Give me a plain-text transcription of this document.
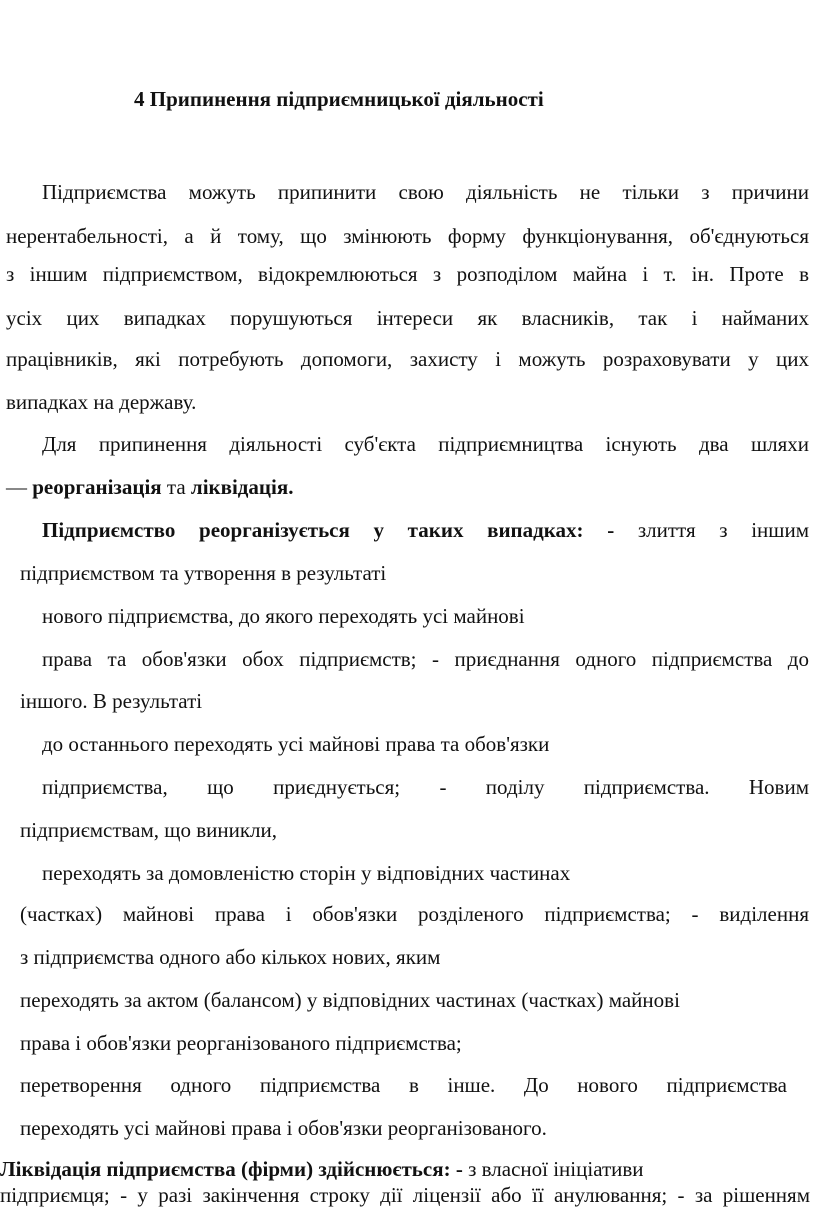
4 Припинення підприємницької діяльності
Підприємства можуть припинити свою діяльність не тільки з причини
нерентабельності, а й тому, що змінюють форму функціонування, об'єднуються
з іншим підприємством, відокремлюються з розподілом майна і т. ін. Проте в
усіх цих випадках порушуються інтереси як власників, так і найманих
працівників, які потребують допомоги, захисту і можуть розраховувати у цих
випадках на державу.
Для припинення діяльності суб'єкта підприємництва існують два шляхи
— реорганізація та ліквідація.
Підприємство реорганізується у таких випадках: - злиття з іншим
підприємством та утворення в результаті
нового підприємства, до якого переходять усі майнові
права та обов'язки обох підприємств; - приєднання одного підприємства до
іншого. В результаті
до останнього переходять усі майнові права та обов'язки
підприємства, що приєднується; - поділу підприємства. Новим
підприємствам, що виникли,
переходять за домовленістю сторін у відповідних частинах
(частках) майнові права і обов'язки розділеного підприємства; - виділення
з підприємства одного або кількох нових, яким
переходять за актом (балансом) у відповідних частинах (частках) майнові
права і обов'язки реорганізованого підприємства;
перетворення одного підприємства в інше. До нового підприємства
переходять усі майнові права і обов'язки реорганізованого.
Ліквідація підприємства (фірми) здійснюється: - з власної ініціативи
підприємця; - у разі закінчення строку дії ліцензії або її анулювання; - за рішенням
